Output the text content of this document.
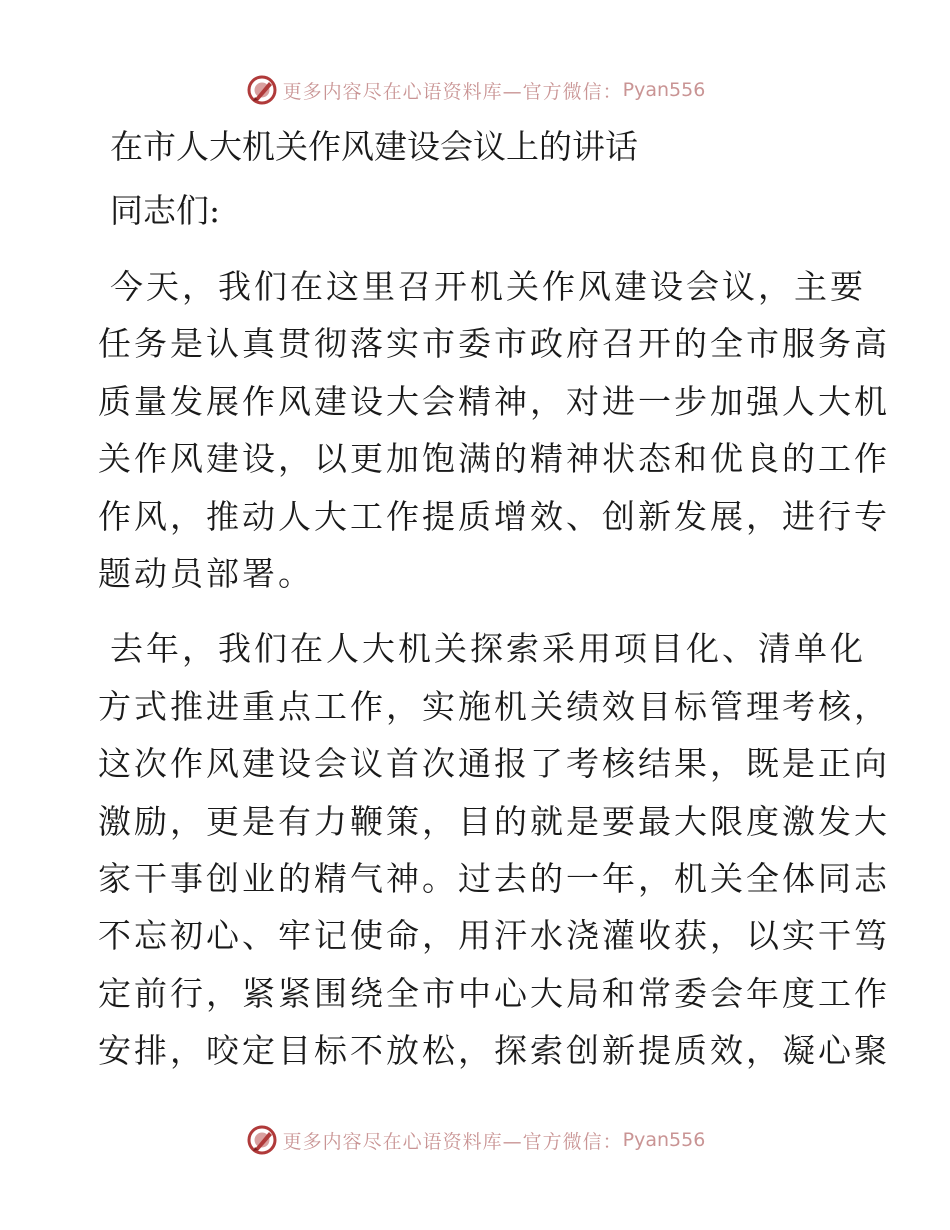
更多内容尽在心语资料库—官方微信： Pyan556
在市人大机关作风建设会议上的讲话
同志们:

今天，我们在这里召开机关作风建设会议，主要
任务是认真贯彻落实市委市政府召开的全市服务高
质量发展作风建设大会精神，对进一步加强人大机
关作风建设，以更加饱满的精神状态和优良的工作
作风，推动人大工作提质增效、创新发展，进行专
题动员部署。

去年，我们在人大机关探索采用项目化、清单化
方式推进重点工作，实施机关绩效目标管理考核，
这次作风建设会议首次通报了考核结果，既是正向
激励，更是有力鞭策，目的就是要最大限度激发大
家干事创业的精气神。过去的一年，机关全体同志
不忘初心、牢记使命，用汗水浇灌收获，以实干笃
定前行，紧紧围绕全市中心大局和常委会年度工作
安排，咬定目标不放松，探索创新提质效，凝心聚

更多内容尽在心语资料库—官方微信： Pyan556
